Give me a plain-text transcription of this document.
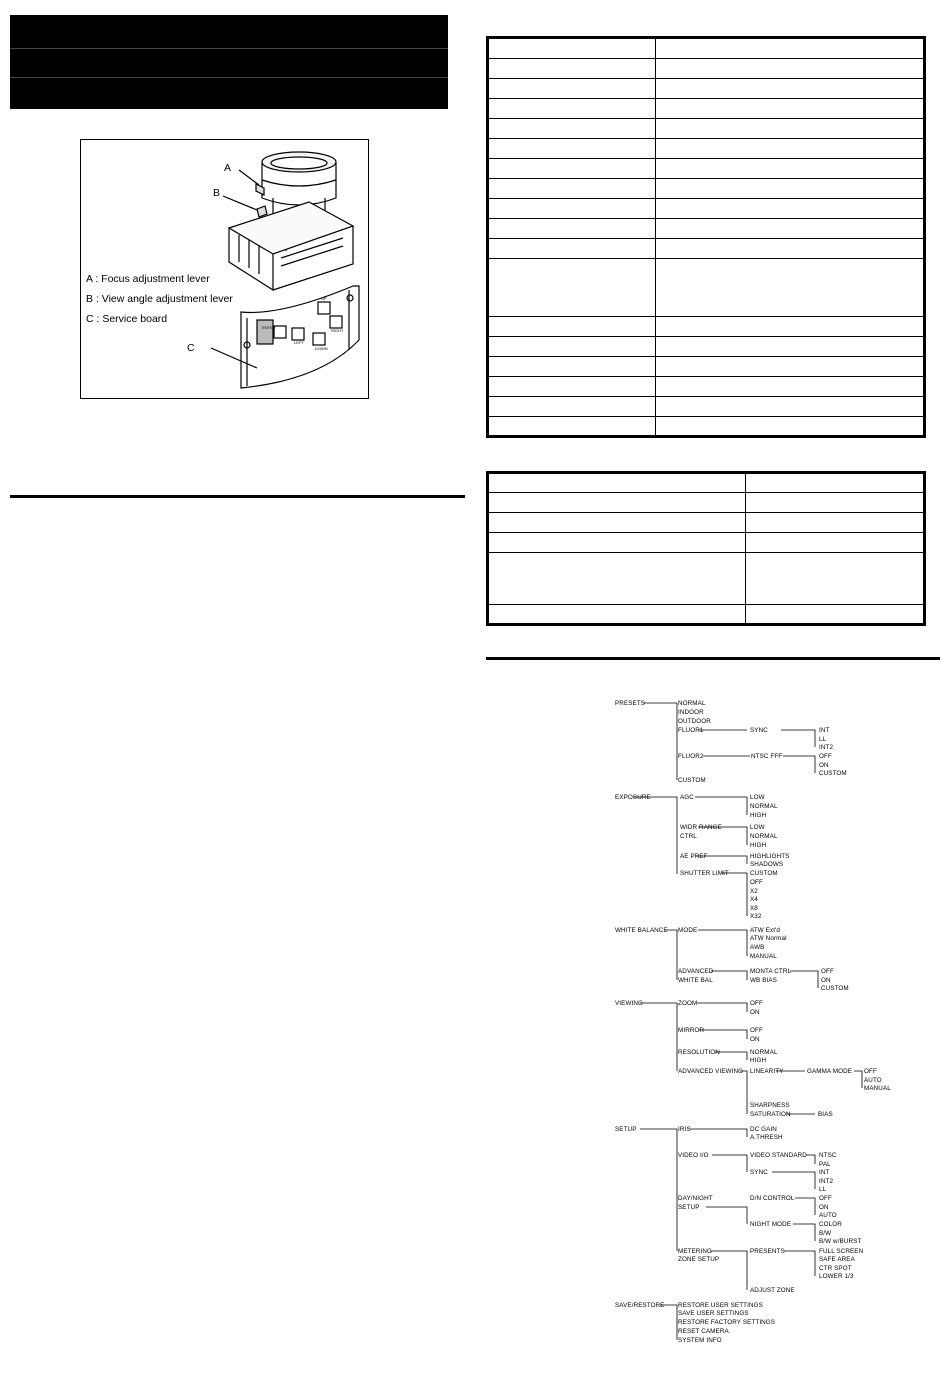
A
B
C
A : Focus adjustment lever
B : View angle adjustment lever
C : Service board
ENTER
UP
LEFT
RIGHT
DOWN

PRESETS	NORMAL
INDOOR
OUTDOOR
FLUOR1
FLUOR2
CUSTOM
SYNC	INT
LL
INT2
NTSC FFF	OFF
ON
CUSTOM
EXPOSURE	AGC	LOW
NORMAL
HIGH
WIDR RANGE
CTRL
LOW
NORMAL
HIGH
AE PREF	HIGHLIGHTS
SHADOWS
SHUTTER LIMIT	CUSTOM
OFF
X2
X4
X8
X32
WHITE BALANCE MODE	ATW Ext'd
ATW Normal
AWB
MANUAL
ADVANCED
WHITE BAL
MONTA CTRL
WB BIAS
OFF
ON
CUSTOM
VIEWING	ZOOM	OFF
ON
MIRROR	OFF
ON
RESOLUTION	NORMAL
HIGH
ADVANCED VIEWING LINEARITY	GAMMA MODE OFF
AUTO
MANUAL
SHARPNESS
SATURATION	BIAS
SETUP	IRIS	DC GAIN
A.THRESH
VIDEO I/O	VIDEO STANDARD NTSC
PAL
SYNC	INT
INT2
LL
DAY/NIGHT
SETUP
D/N CONTROL	OFF
ON
AUTO
NIGHT MODE	COLOR
B/W
B/W w/BURST
METERING
ZONE SETUP
PRESENTS	FULL SCREEN
SAFE AREA
CTR SPOT
LOWER 1/3
ADJUST ZONE
SAVE/RESTORE RESTORE USER SETTINGS
SAVE USER SETTINGS
RESTORE FACTORY SETTINGS
RESET CAMERA
SYSTEM INFO
